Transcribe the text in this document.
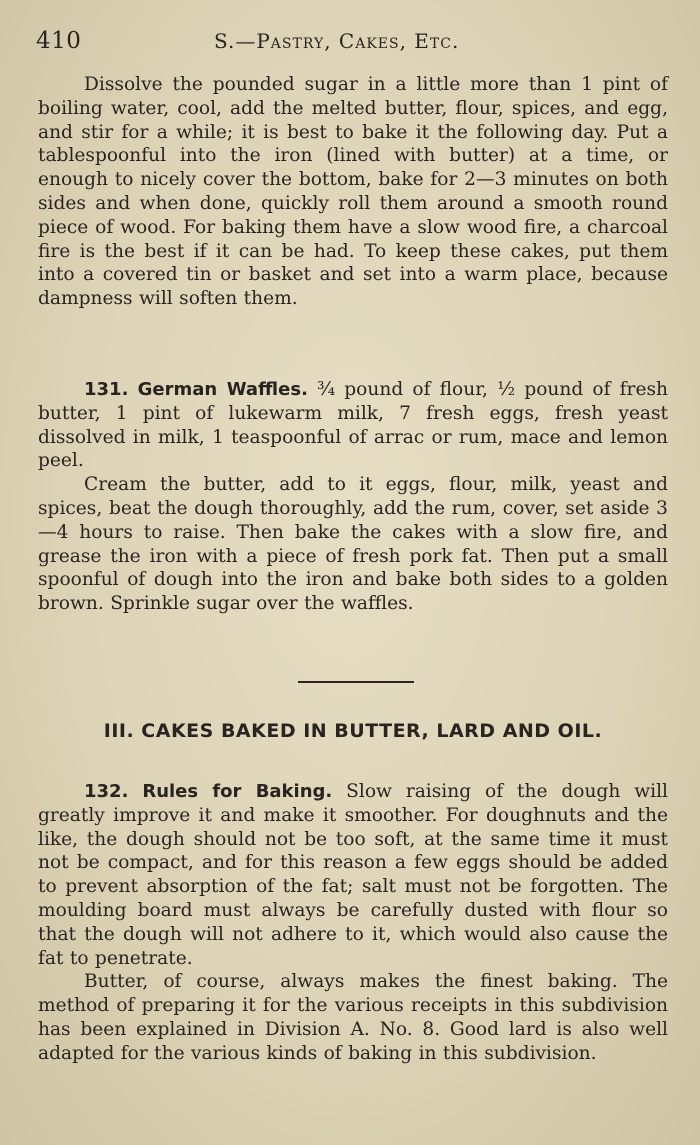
410	S.—Pastry, Cakes, Etc.

Dissolve the pounded sugar in a little more than 1 pint of boiling water, cool, add the melted butter, flour, spices, and egg, and stir for a while; it is best to bake it the following day. Put a tablespoonful into the iron (lined with butter) at a time, or enough to nicely cover the bottom, bake for 2—3 minutes on both sides and when done, quickly roll them around a smooth round piece of wood. For baking them have a slow wood fire, a charcoal fire is the best if it can be had. To keep these cakes, put them into a covered tin or basket and set into a warm place, because dampness will soften them.

131. German Waffles. ¾ pound of flour, ½ pound of fresh butter, 1 pint of lukewarm milk, 7 fresh eggs, fresh yeast dissolved in milk, 1 teaspoonful of arrac or rum, mace and lemon peel.

Cream the butter, add to it eggs, flour, milk, yeast and spices, beat the dough thoroughly, add the rum, cover, set aside 3—4 hours to raise. Then bake the cakes with a slow fire, and grease the iron with a piece of fresh pork fat. Then put a small spoonful of dough into the iron and bake both sides to a golden brown. Sprinkle sugar over the waffles.

III. CAKES BAKED IN BUTTER, LARD AND OIL.

132. Rules for Baking. Slow raising of the dough will greatly improve it and make it smoother. For doughnuts and the like, the dough should not be too soft, at the same time it must not be compact, and for this reason a few eggs should be added to prevent absorption of the fat; salt must not be forgotten. The moulding board must always be carefully dusted with flour so that the dough will not adhere to it, which would also cause the fat to penetrate.

Butter, of course, always makes the finest baking. The method of preparing it for the various receipts in this subdivision has been explained in Division A. No. 8. Good lard is also well adapted for the various kinds of baking in this subdivision.
